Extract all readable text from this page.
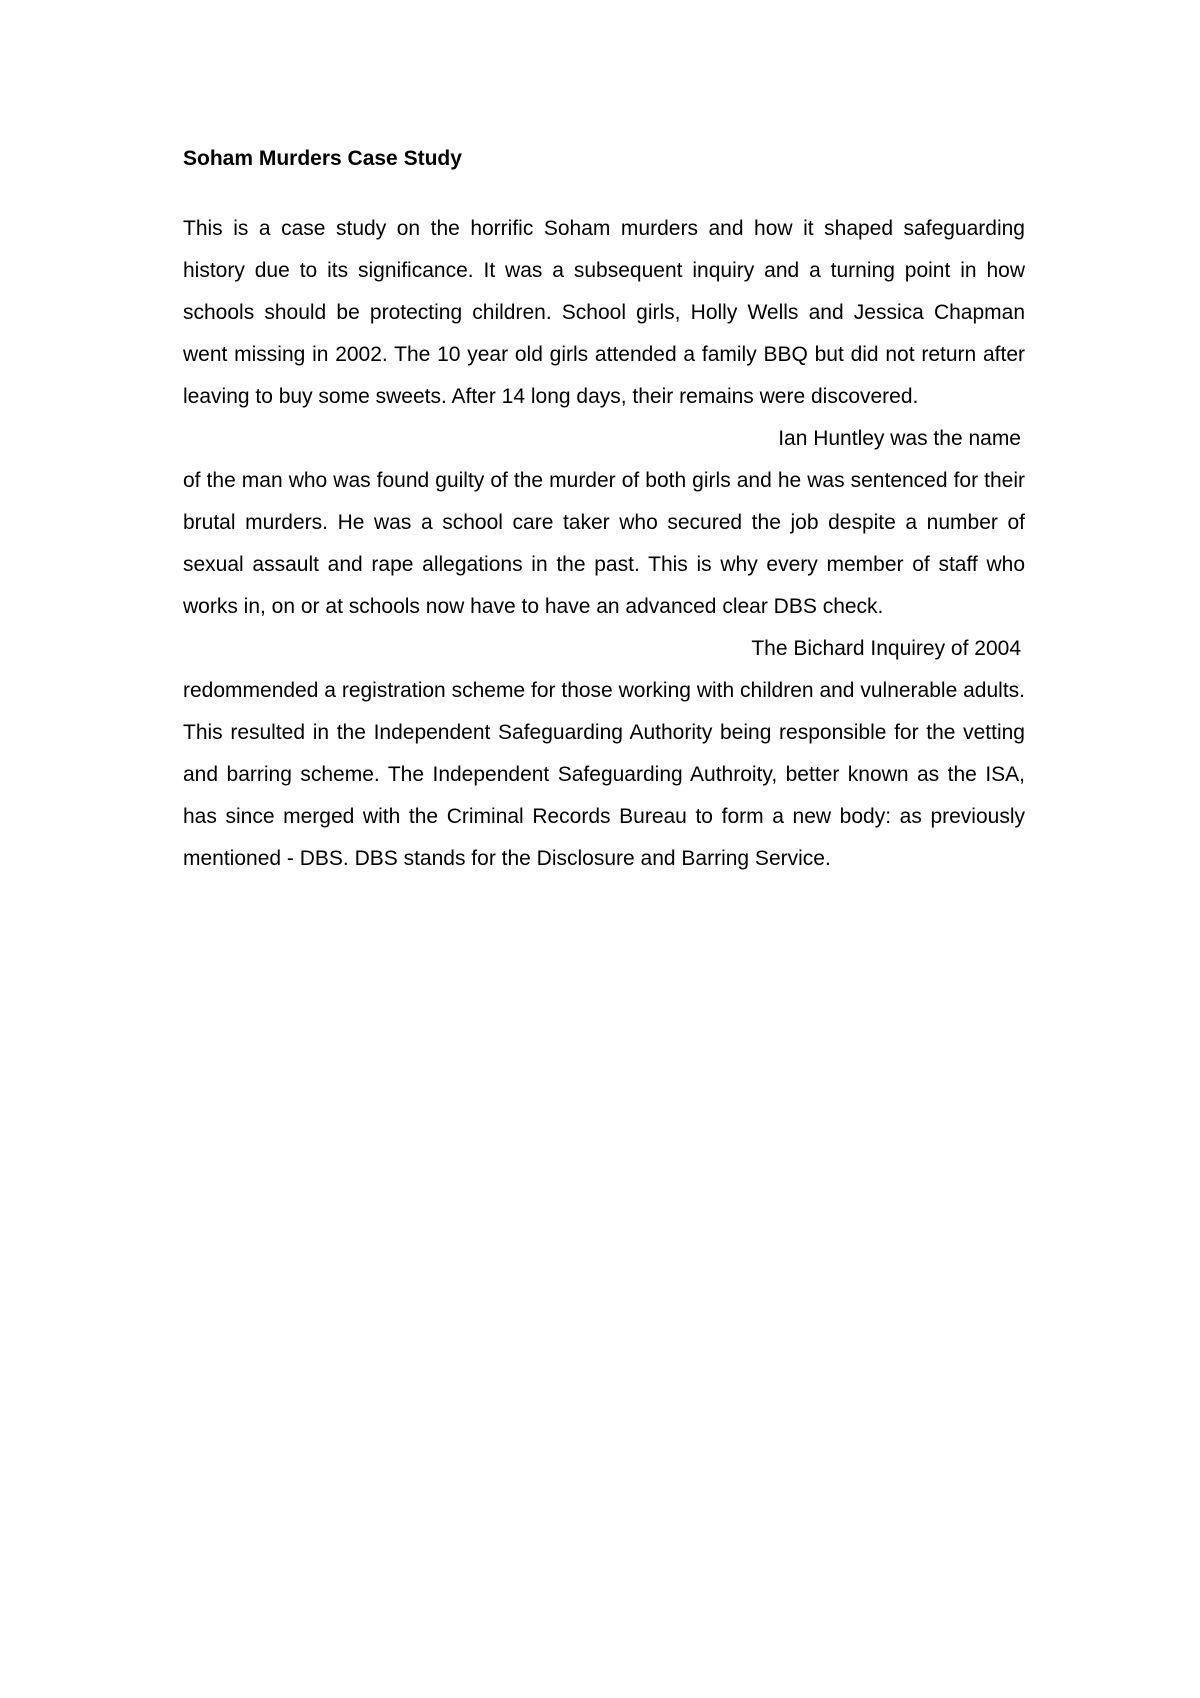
Soham Murders Case Study

This is a case study on the horrific Soham murders and how it shaped safeguarding history due to its significance. It was a subsequent inquiry and a turning point in how schools should be protecting children. School girls, Holly Wells and Jessica Chapman went missing in 2002. The 10 year old girls attended a family BBQ but did not return after leaving to buy some sweets. After 14 long days, their remains were discovered.

Ian Huntley was the name
of the man who was found guilty of the murder of both girls and he was sentenced for their brutal murders. He was a school care taker who secured the job despite a number of sexual assault and rape allegations in the past. This is why every member of staff who works in, on or at schools now have to have an advanced clear DBS check.

The Bichard Inquirey of 2004
redommended a registration scheme for those working with children and vulnerable adults. This resulted in the Independent Safeguarding Authority being responsible for the vetting and barring scheme. The Independent Safeguarding Authroity, better known as the ISA, has since merged with the Criminal Records Bureau to form a new body: as previously mentioned - DBS. DBS stands for the Disclosure and Barring Service.
